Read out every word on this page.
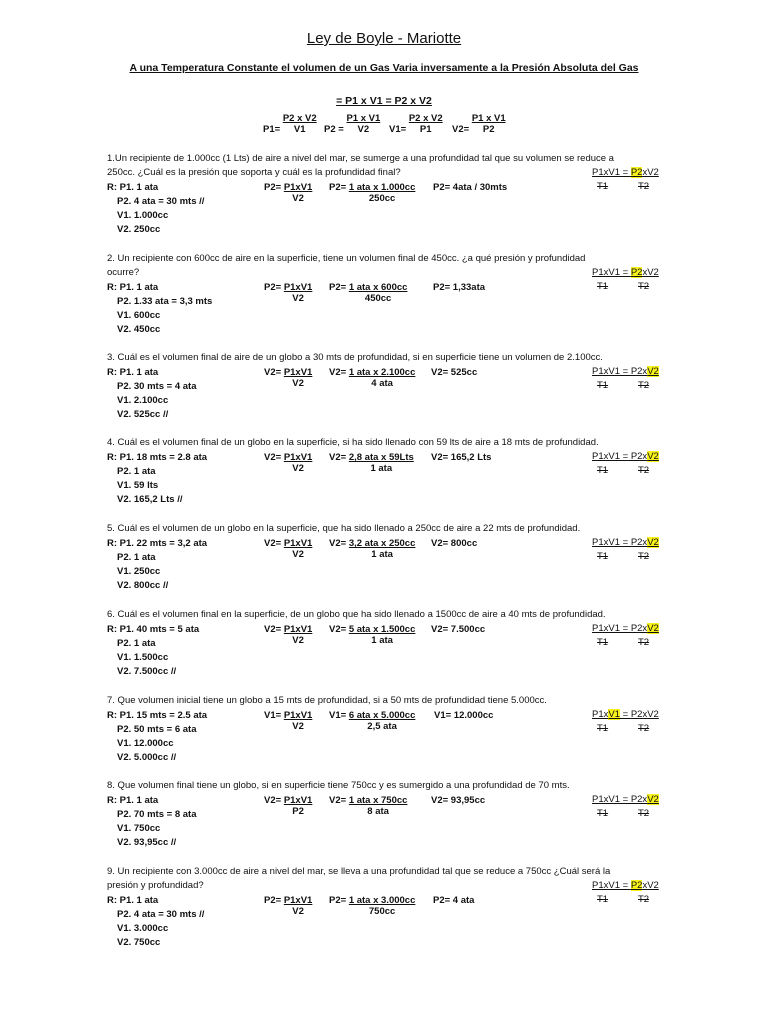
Ley de Boyle - Mariotte
A una Temperatura Constante el volumen de un Gas Varia inversamente a la Presión Absoluta del Gas
= P1 x V1 = P2 x V2
$P1= \frac{\text{P2 x V2}}{V1} P2 = \frac{\text{P1 x V1}}{V2} V1= \frac{\text{P2 x V2}}{P1} V2= \frac{\text{P1 x V1}}{P2}$
1.Un recipiente de 1.000cc (1 Lts) de aire a nivel del mar, se sumerge a una profundidad tal que su volumen se reduce a
250cc. ¿Cuál es la presión que soporta y cuál es la profundidad final?
R: P1. 1 ata
P2. 4 ata = 30 mts //
V1. 1.000cc
V2. 250cc
$P2= \frac{P1xV1}{V2} P2= 1$ ata x 1.000cc
250cc
P2= 4ata / 30mts
P1xV1 = P2xV2
T1	T2
2. Un recipiente con 600cc de aire en la superficie, tiene un volumen final de 450cc. ¿a qué presión y profundidad
ocurre?
R: P1. 1 ata
P2. 1.33 ata = 3,3 mts
V1. 600cc
V2. 450cc
$P2= \frac{P1xV1}{V2} P2= 1$ ata x 600cc
450cc
P2= 1,33ata
P1xV1 = P2xV2
T1	T2
3. Cuál es el volumen final de aire de un globo a 30 mts de profundidad, si en superficie tiene un volumen de 2.100cc.
R: P1. 1 ata
P2. 30 mts = 4 ata
V1. 2.100cc
V2. 525cc //
$V2= \frac{P1xV1}{V2} V2= 1$ ata x 2.100cc
4 ata
V2= 525cc	P1xV1 = P2xV2
T1	T2
4. Cuál es el volumen final de un globo en la superficie, si ha sido llenado con 59 lts de aire a 18 mts de profundidad.
R: P1. 18 mts = 2.8 ata
P2. 1 ata
V1. 59 lts
V2. 165,2 Lts //
$V2= \frac{P1xV1}{V2} V2= 2,8$ ata x 59Lts
1 ata
V2= 165,2 Lts	P1xV1 = P2xV2
T1	T2
5. Cuál es el volumen de un globo en la superficie, que ha sido llenado a 250cc de aire a 22 mts de profundidad.
R: P1. 22 mts = 3,2 ata
P2. 1 ata
V1. 250cc
V2. 800cc //
$V2= \frac{P1xV1}{V2} V2= 3,2$ ata x 250cc
1 ata
V2= 800cc	P1xV1 = P2xV2
T1	T2
6. Cuál es el volumen final en la superficie, de un globo que ha sido llenado a 1500cc de aire a 40 mts de profundidad.
R: P1. 40 mts = 5 ata
P2. 1 ata
V1. 1.500cc
V2. 7.500cc //
$V2= \frac{P1xV1}{V2} V2= 5$ ata x 1.500cc
1 ata
V2= 7.500cc	P1xV1 = P2xV2
T1	T2
7. Que volumen inicial tiene un globo a 15 mts de profundidad, si a 50 mts de profundidad tiene 5.000cc.
R: P1. 15 mts = 2.5 ata
P2. 50 mts = 6 ata
V1. 12.000cc
V2. 5.000cc //
$V1= \frac{P1xV1}{V2} V1= 6$ ata x 5.000cc
2,5 ata
V1= 12.000cc	P1xV1 = P2xV2
T1	T2
8. Que volumen final tiene un globo, si en superficie tiene 750cc y es sumergido a una profundidad de 70 mts.
R: P1. 1 ata
P2. 70 mts = 8 ata
V1. 750cc
V2. 93,95cc //
$V2= \frac{P1xV1}{P2} V2= 1$ ata x 750cc
8 ata
V2= 93,95cc	P1xV1 = P2xV2
T1	T2
9. Un recipiente con 3.000cc de aire a nivel del mar, se lleva a una profundidad tal que se reduce a 750cc ¿Cuál será la
presión y profundidad?
R: P1. 1 ata
P2. 4 ata = 30 mts //
V1. 3.000cc
V2. 750cc
$P2= \frac{P1xV1}{V2} P2= 1$ ata x 3.000cc
750cc
P2= 4 ata
P1xV1 = P2xV2
T1	T2
